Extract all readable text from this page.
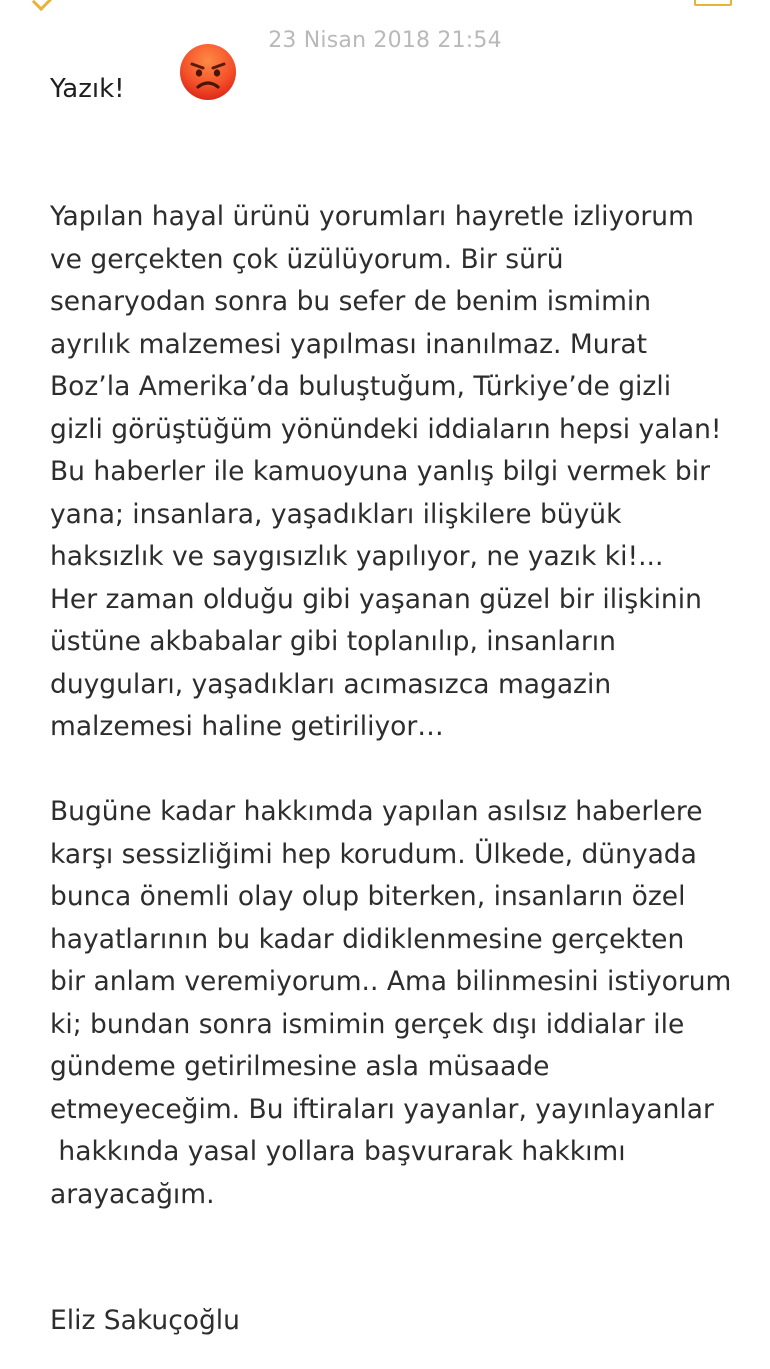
23 Nisan 2018 21:54
Yazık!
Yapılan hayal ürünü yorumları hayretle izliyorum
ve gerçekten çok üzülüyorum. Bir sürü
senaryodan sonra bu sefer de benim ismimin
ayrılık malzemesi yapılması inanılmaz. Murat
Boz’la Amerika’da buluştuğum, Türkiye’de gizli
gizli görüştüğüm yönündeki iddiaların hepsi yalan!
Bu haberler ile kamuoyuna yanlış bilgi vermek bir
yana; insanlara, yaşadıkları ilişkilere büyük
haksızlık ve saygısızlık yapılıyor, ne yazık ki!...
Her zaman olduğu gibi yaşanan güzel bir ilişkinin
üstüne akbabalar gibi toplanılıp, insanların
duyguları, yaşadıkları acımasızca magazin
malzemesi haline getiriliyor…
Bugüne kadar hakkımda yapılan asılsız haberlere
karşı sessizliğimi hep korudum. Ülkede, dünyada
bunca önemli olay olup biterken, insanların özel
hayatlarının bu kadar didiklenmesine gerçekten
bir anlam veremiyorum.. Ama bilinmesini istiyorum
ki; bundan sonra ismimin gerçek dışı iddialar ile
gündeme getirilmesine asla müsaade
etmeyeceğim. Bu iftiraları yayanlar, yayınlayanlar
hakkında yasal yollara başvurarak hakkımı
arayacağım.
Eliz Sakuçoğlu
